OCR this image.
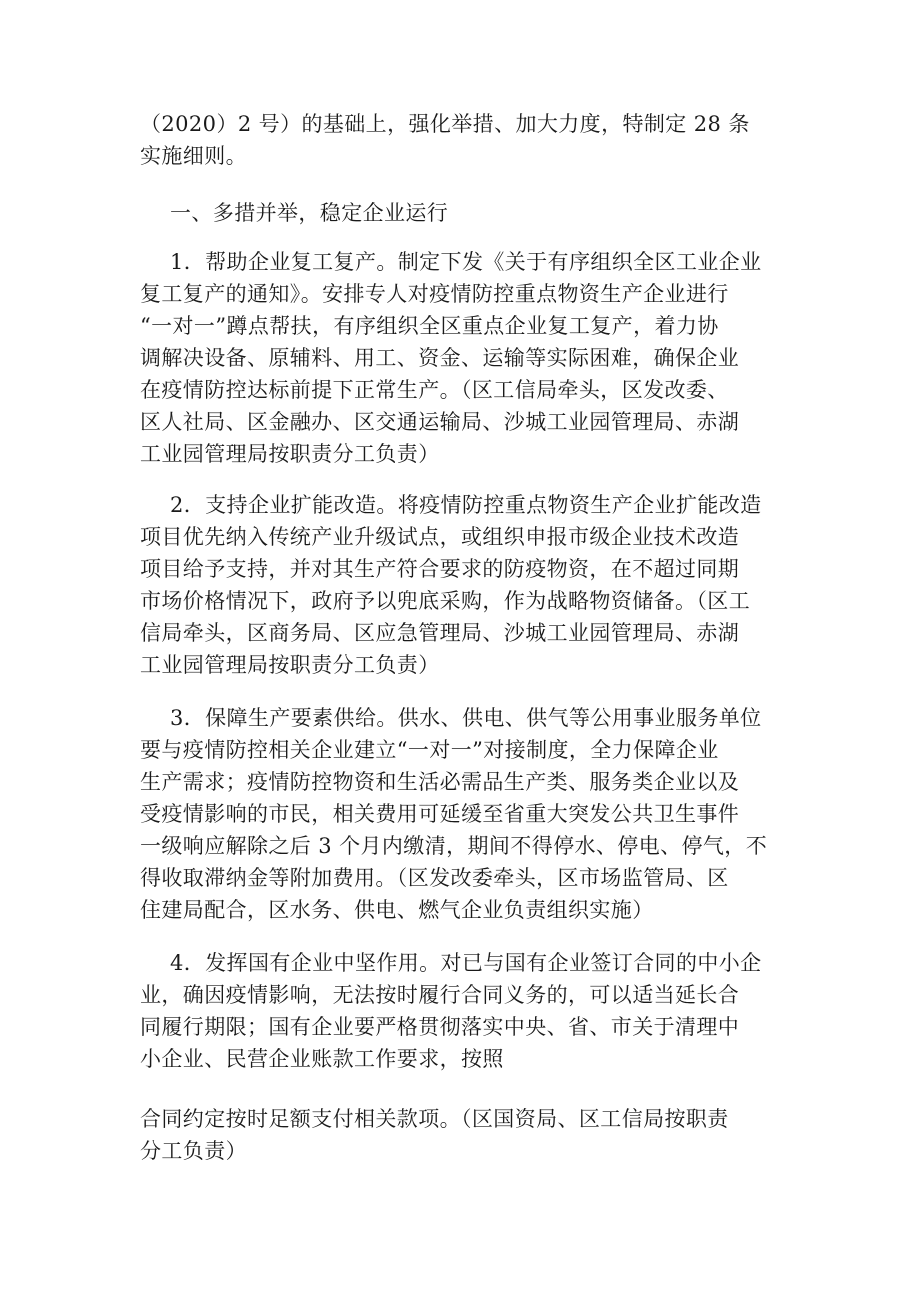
（2020）2 号）的基础上，强化举措、加大力度，特制定 28 条
实施细则。
一、多措并举，稳定企业运行
1．帮助企业复工复产。制定下发《关于有序组织全区工业企业
复工复产的通知》。安排专人对疫情防控重点物资生产企业进行
“一对一”蹲点帮扶，有序组织全区重点企业复工复产，着力协
调解决设备、原辅料、用工、资金、运输等实际困难，确保企业
在疫情防控达标前提下正常生产。（区工信局牵头，区发改委、
区人社局、区金融办、区交通运输局、沙城工业园管理局、赤湖
工业园管理局按职责分工负责）
2．支持企业扩能改造。将疫情防控重点物资生产企业扩能改造
项目优先纳入传统产业升级试点，或组织申报市级企业技术改造
项目给予支持，并对其生产符合要求的防疫物资，在不超过同期
市场价格情况下，政府予以兜底采购，作为战略物资储备。（区工
信局牵头，区商务局、区应急管理局、沙城工业园管理局、赤湖
工业园管理局按职责分工负责）
3．保障生产要素供给。供水、供电、供气等公用事业服务单位
要与疫情防控相关企业建立“一对一”对接制度，全力保障企业
生产需求；疫情防控物资和生活必需品生产类、服务类企业以及
受疫情影响的市民，相关费用可延缓至省重大突发公共卫生事件
一级响应解除之后 3 个月内缴清，期间不得停水、停电、停气，不
得收取滞纳金等附加费用。（区发改委牵头，区市场监管局、区
住建局配合，区水务、供电、燃气企业负责组织实施）
4．发挥国有企业中坚作用。对已与国有企业签订合同的中小企
业，确因疫情影响，无法按时履行合同义务的，可以适当延长合
同履行期限；国有企业要严格贯彻落实中央、省、市关于清理中
小企业、民营企业账款工作要求，按照
合同约定按时足额支付相关款项。（区国资局、区工信局按职责
分工负责）
